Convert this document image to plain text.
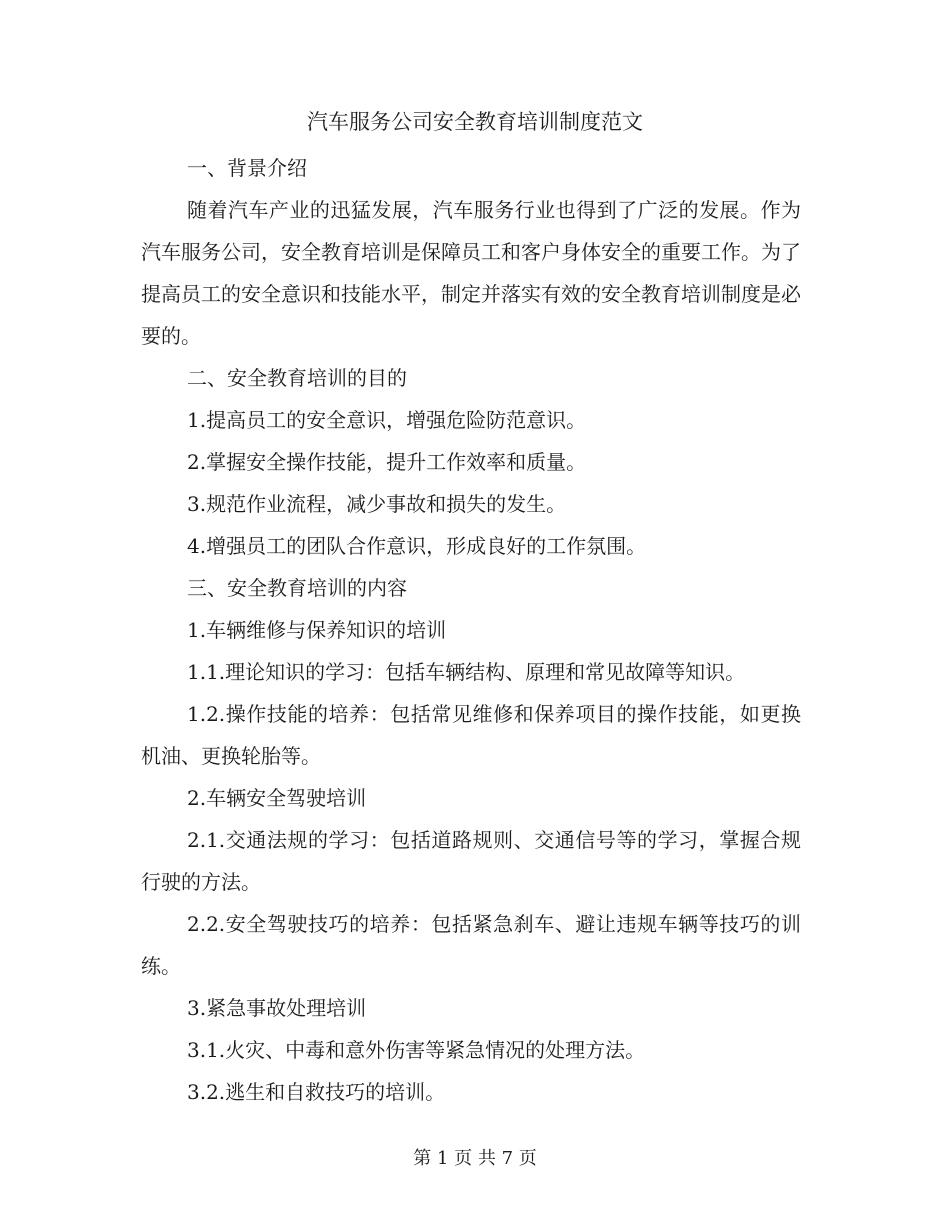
汽车服务公司安全教育培训制度范文

一、背景介绍

随着汽车产业的迅猛发展，汽车服务行业也得到了广泛的发展。作为汽车服务公司，安全教育培训是保障员工和客户身体安全的重要工作。为了提高员工的安全意识和技能水平，制定并落实有效的安全教育培训制度是必要的。

二、安全教育培训的目的

1.提高员工的安全意识，增强危险防范意识。

2.掌握安全操作技能，提升工作效率和质量。

3.规范作业流程，减少事故和损失的发生。

4.增强员工的团队合作意识，形成良好的工作氛围。

三、安全教育培训的内容

1.车辆维修与保养知识的培训

1.1.理论知识的学习：包括车辆结构、原理和常见故障等知识。

1.2.操作技能的培养：包括常见维修和保养项目的操作技能，如更换机油、更换轮胎等。

2.车辆安全驾驶培训

2.1.交通法规的学习：包括道路规则、交通信号等的学习，掌握合规行驶的方法。

2.2.安全驾驶技巧的培养：包括紧急刹车、避让违规车辆等技巧的训练。

3.紧急事故处理培训

3.1.火灾、中毒和意外伤害等紧急情况的处理方法。

3.2.逃生和自救技巧的培训。

第 1 页 共 7 页
